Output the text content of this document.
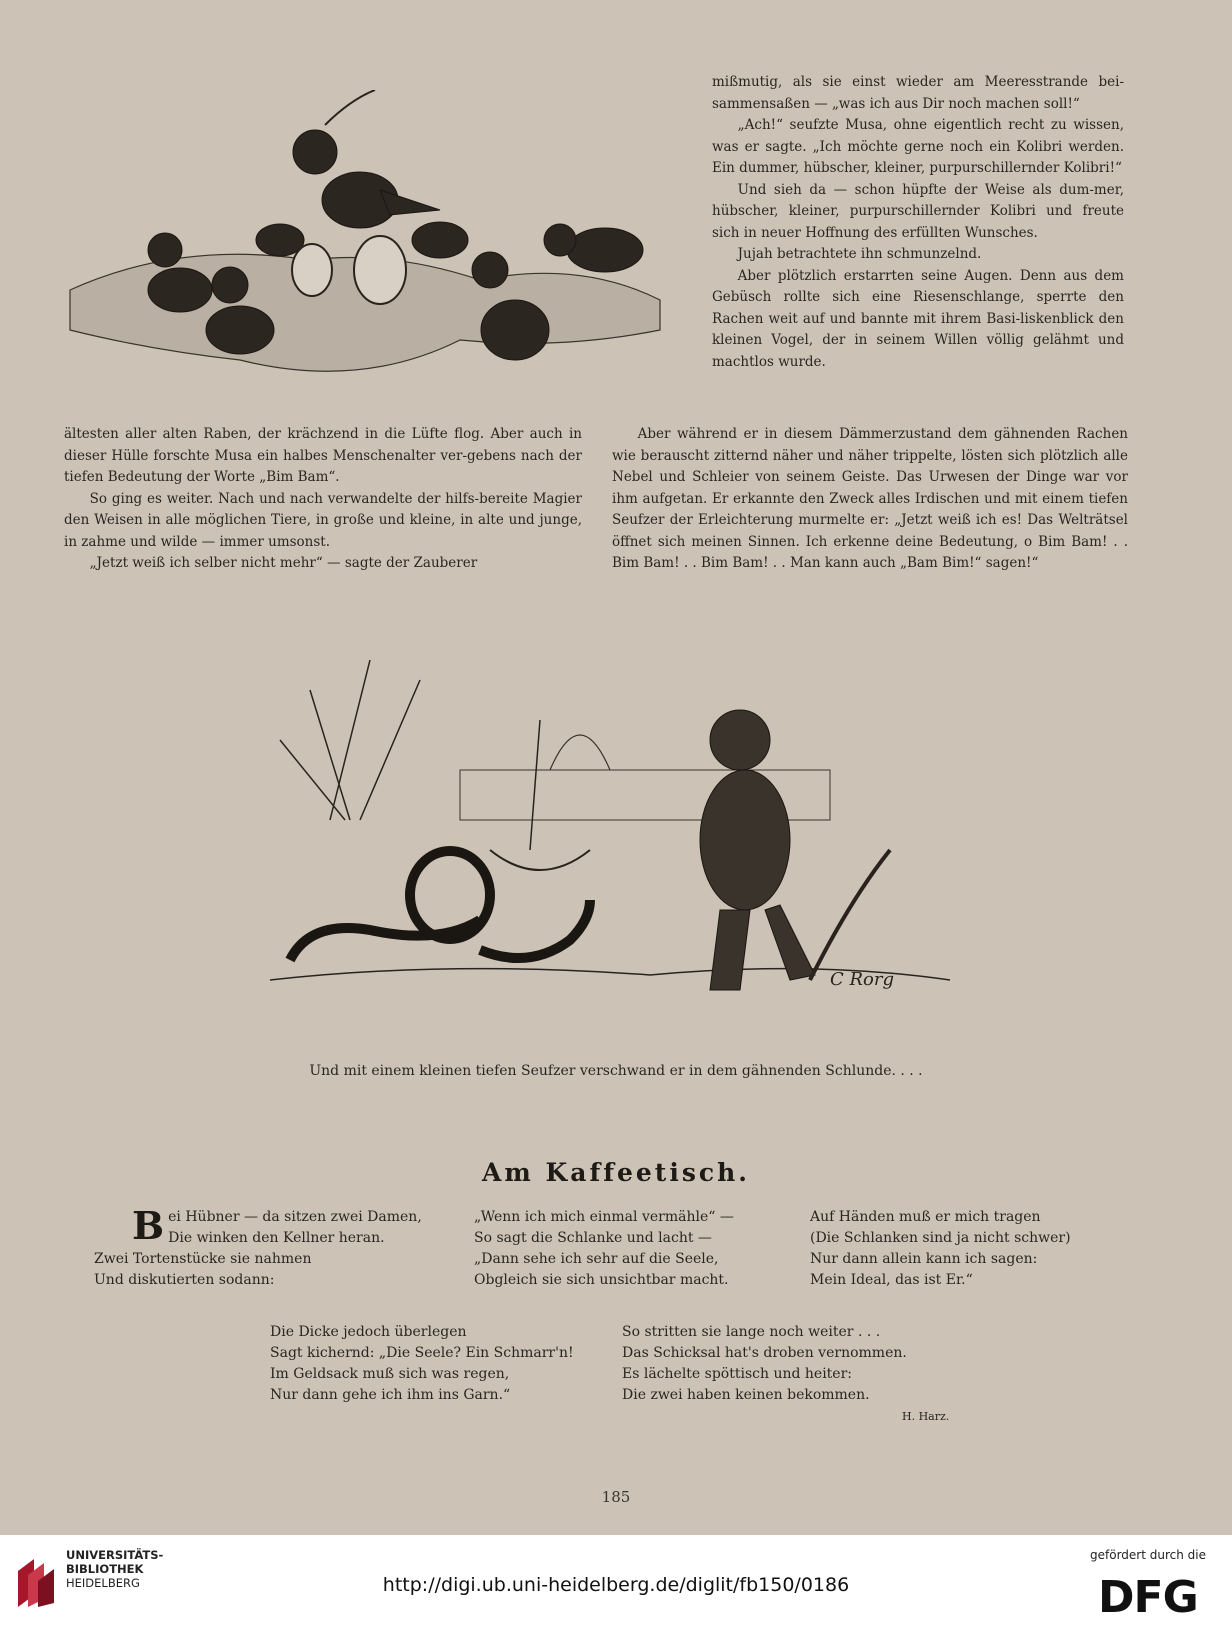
mißmutig, als sie einst wieder am Meeresstrande bei-sammensaßen — „was ich aus Dir noch machen soll!“

„Ach!“ seufzte Musa, ohne eigentlich recht zu wissen, was er sagte. „Ich möchte gerne noch ein Kolibri werden. Ein dummer, hübscher, kleiner, purpurschillernder Kolibri!“

Und sieh da — schon hüpfte der Weise als dum-mer, hübscher, kleiner, purpurschillernder Kolibri und freute sich in neuer Hoffnung des erfüllten Wunsches.

Jujah betrachtete ihn schmunzelnd.

Aber plötzlich erstarrten seine Augen. Denn aus dem Gebüsch rollte sich eine Riesenschlange, sperrte den Rachen weit auf und bannte mit ihrem Basi-liskenblick den kleinen Vogel, der in seinem Willen völlig gelähmt und machtlos wurde.

ältesten aller alten Raben, der krächzend in die Lüfte flog. Aber auch in dieser Hülle forschte Musa ein halbes Menschenalter ver-gebens nach der tiefen Bedeutung der Worte „Bim Bam“.

So ging es weiter. Nach und nach verwandelte der hilfs-bereite Magier den Weisen in alle möglichen Tiere, in große und kleine, in alte und junge, in zahme und wilde — immer umsonst.

„Jetzt weiß ich selber nicht mehr“ — sagte der Zauberer

Aber während er in diesem Dämmerzustand dem gähnenden Rachen wie berauscht zitternd näher und näher trippelte, lösten sich plötzlich alle Nebel und Schleier von seinem Geiste. Das Urwesen der Dinge war vor ihm aufgetan. Er erkannte den Zweck alles Irdischen und mit einem tiefen Seufzer der Erleichterung murmelte er: „Jetzt weiß ich es! Das Welträtsel öffnet sich meinen Sinnen. Ich erkenne deine Bedeutung, o Bim Bam! . . Bim Bam! . . Bim Bam! . . Man kann auch „Bam Bim!“ sagen!“

C Rorg
Und mit einem kleinen tiefen Seufzer verschwand er in dem gähnenden Schlunde. . . .
Am Kaffeetisch.
B ei Hübner — da sitzen zwei Damen,
Die winken den Kellner heran.
Zwei Tortenstücke sie nahmen
Und diskutierten sodann:
„Wenn ich mich einmal vermähle“ —
So sagt die Schlanke und lacht —
„Dann sehe ich sehr auf die Seele,
Obgleich sie sich unsichtbar macht.
Auf Händen muß er mich tragen
(Die Schlanken sind ja nicht schwer)
Nur dann allein kann ich sagen:
Mein Ideal, das ist Er.“
Die Dicke jedoch überlegen
Sagt kichernd: „Die Seele? Ein Schmarr'n!
Im Geldsack muß sich was regen,
Nur dann gehe ich ihm ins Garn.“
So stritten sie lange noch weiter . . .
Das Schicksal hat's droben vernommen.
Es lächelte spöttisch und heiter:
Die zwei haben keinen bekommen.
H. Harz.
185
UNIVERSITÄTS-
BIBLIOTHEK
HEIDELBERG	http://digi.ub.uni-heidelberg.de/diglit/fb150/0186
gefördert durch die
DFG
